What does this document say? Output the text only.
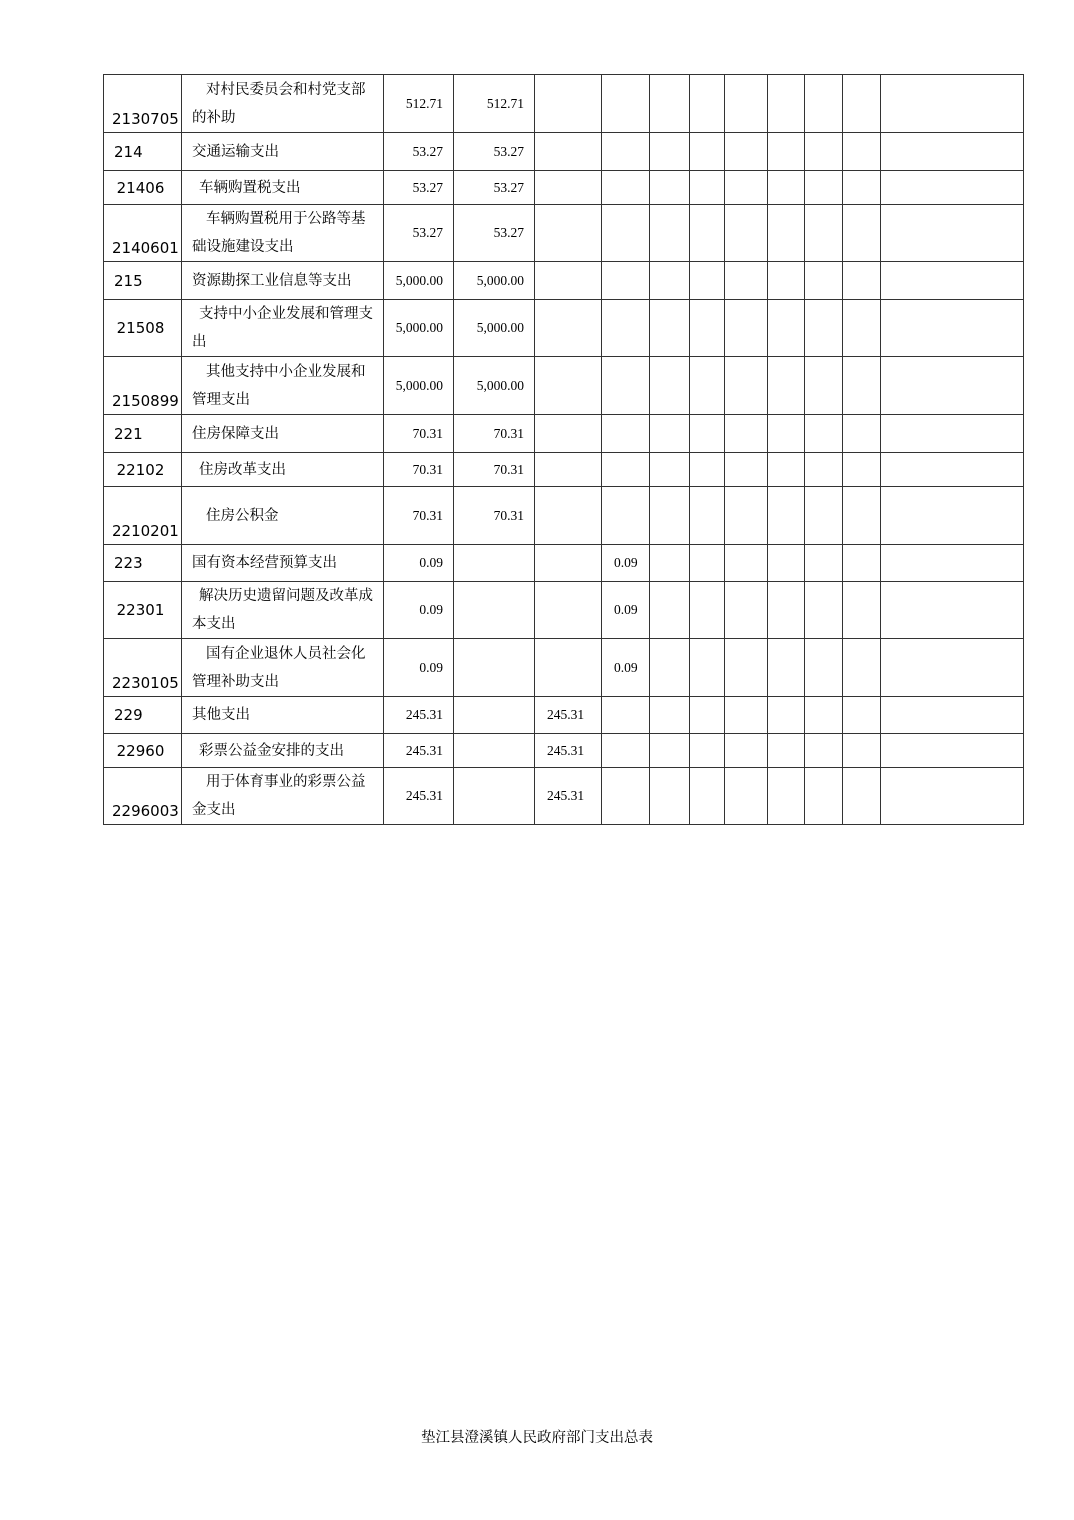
2130705	对村民委员会和村党支部的补助	512.71	512.71									
214	交通运输支出	53.27	53.27									
21406	车辆购置税支出	53.27	53.27									
2140601	车辆购置税用于公路等基础设施建设支出	53.27	53.27									
215	资源勘探工业信息等支出	5,000.00	5,000.00									
21508	支持中小企业发展和管理支出	5,000.00	5,000.00									
2150899	其他支持中小企业发展和管理支出	5,000.00	5,000.00									
221	住房保障支出	70.31	70.31									
22102	住房改革支出	70.31	70.31									
2210201	住房公积金	70.31	70.31									
223	国有资本经营预算支出	0.09			0.09							
22301	解决历史遗留问题及改革成本支出	0.09			0.09							
2230105	国有企业退休人员社会化管理补助支出	0.09			0.09							
229	其他支出	245.31		245.31								
22960	彩票公益金安排的支出	245.31		245.31								
2296003	用于体育事业的彩票公益金支出	245.31		245.31								
垫江县澄溪镇人民政府部门支出总表
